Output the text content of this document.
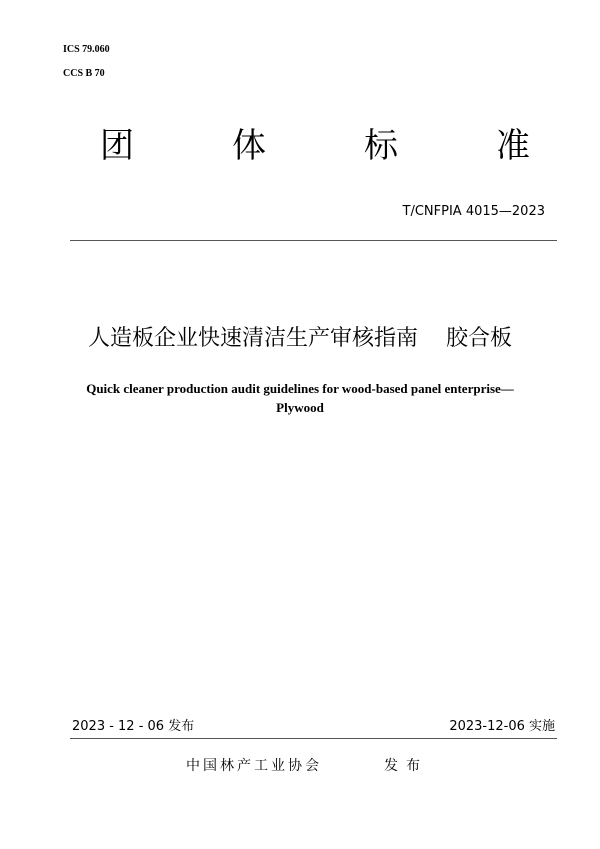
ICS 79.060
CCS B 70
团	体	标	准
T/CNFPIA 4015—2023
人造板企业快速清洁生产审核指南    胶合板
Quick cleaner production audit guidelines for wood-based panel enterprise—
Plywood
2023 - 12 - 06 发布	2023-12-06 实施
中国林产工业协会	发布
